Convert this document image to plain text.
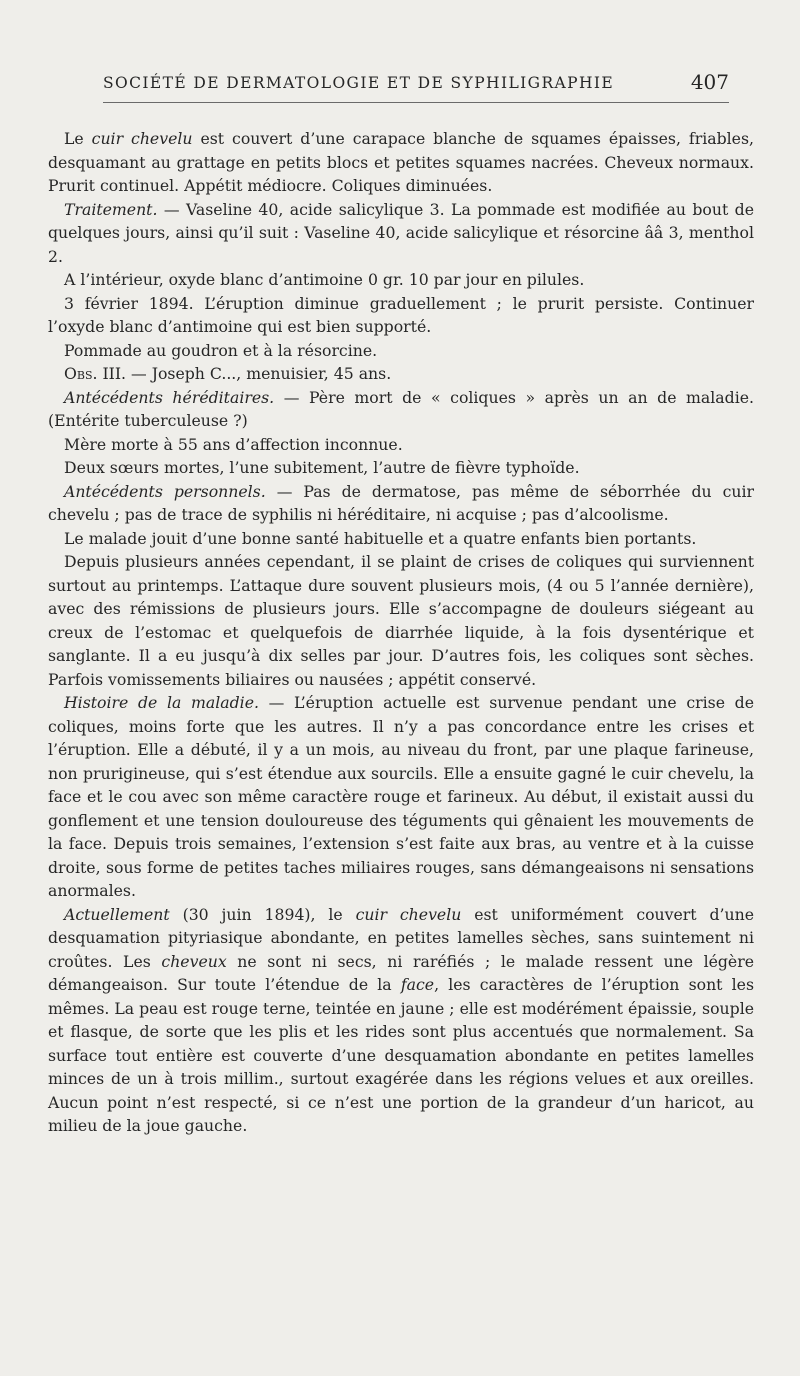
SOCIÉTÉ DE DERMATOLOGIE ET DE SYPHILIGRAPHIE	407

Le cuir chevelu est couvert d’une carapace blanche de squames épaisses, friables, desquamant au grattage en petits blocs et petites squames nacrées. Cheveux normaux. Prurit continuel. Appétit médiocre. Coliques diminuées.

Traitement. — Vaseline 40, acide salicylique 3. La pommade est modifiée au bout de quelques jours, ainsi qu’il suit : Vaseline 40, acide salicylique et résorcine ââ 3, menthol 2.

A l’intérieur, oxyde blanc d’antimoine 0 gr. 10 par jour en pilules.

3 février 1894. L’éruption diminue graduellement ; le prurit persiste. Continuer l’oxyde blanc d’antimoine qui est bien supporté.

Pommade au goudron et à la résorcine.

Obs. III. — Joseph C..., menuisier, 45 ans.

Antécédents héréditaires. — Père mort de « coliques » après un an de maladie. (Entérite tuberculeuse ?)

Mère morte à 55 ans d’affection inconnue.

Deux sœurs mortes, l’une subitement, l’autre de fièvre typhoïde.

Antécédents personnels. — Pas de dermatose, pas même de séborrhée du cuir chevelu ; pas de trace de syphilis ni héréditaire, ni acquise ; pas d’alcoolisme.

Le malade jouit d’une bonne santé habituelle et a quatre enfants bien portants.

Depuis plusieurs années cependant, il se plaint de crises de coliques qui surviennent surtout au printemps. L’attaque dure souvent plusieurs mois, (4 ou 5 l’année dernière), avec des rémissions de plusieurs jours. Elle s’accompagne de douleurs siégeant au creux de l’estomac et quelquefois de diarrhée liquide, à la fois dysentérique et sanglante. Il a eu jusqu’à dix selles par jour. D’autres fois, les coliques sont sèches. Parfois vomissements biliaires ou nausées ; appétit conservé.

Histoire de la maladie. — L’éruption actuelle est survenue pendant une crise de coliques, moins forte que les autres. Il n’y a pas concordance entre les crises et l’éruption. Elle a débuté, il y a un mois, au niveau du front, par une plaque farineuse, non prurigineuse, qui s’est étendue aux sourcils. Elle a ensuite gagné le cuir chevelu, la face et le cou avec son même caractère rouge et farineux. Au début, il existait aussi du gonflement et une tension douloureuse des téguments qui gênaient les mouvements de la face. Depuis trois semaines, l’extension s’est faite aux bras, au ventre et à la cuisse droite, sous forme de petites taches miliaires rouges, sans démangeaisons ni sensations anormales.

Actuellement (30 juin 1894), le cuir chevelu est uniformément couvert d’une desquamation pityriasique abondante, en petites lamelles sèches, sans suintement ni croûtes. Les cheveux ne sont ni secs, ni raréfiés ; le malade ressent une légère démangeaison. Sur toute l’étendue de la face, les caractères de l’éruption sont les mêmes. La peau est rouge terne, teintée en jaune ; elle est modérément épaissie, souple et flasque, de sorte que les plis et les rides sont plus accentués que normalement. Sa surface tout entière est couverte d’une desquamation abondante en petites lamelles minces de un à trois millim., surtout exagérée dans les régions velues et aux oreilles. Aucun point n’est respecté, si ce n’est une portion de la grandeur d’un haricot, au milieu de la joue gauche.
